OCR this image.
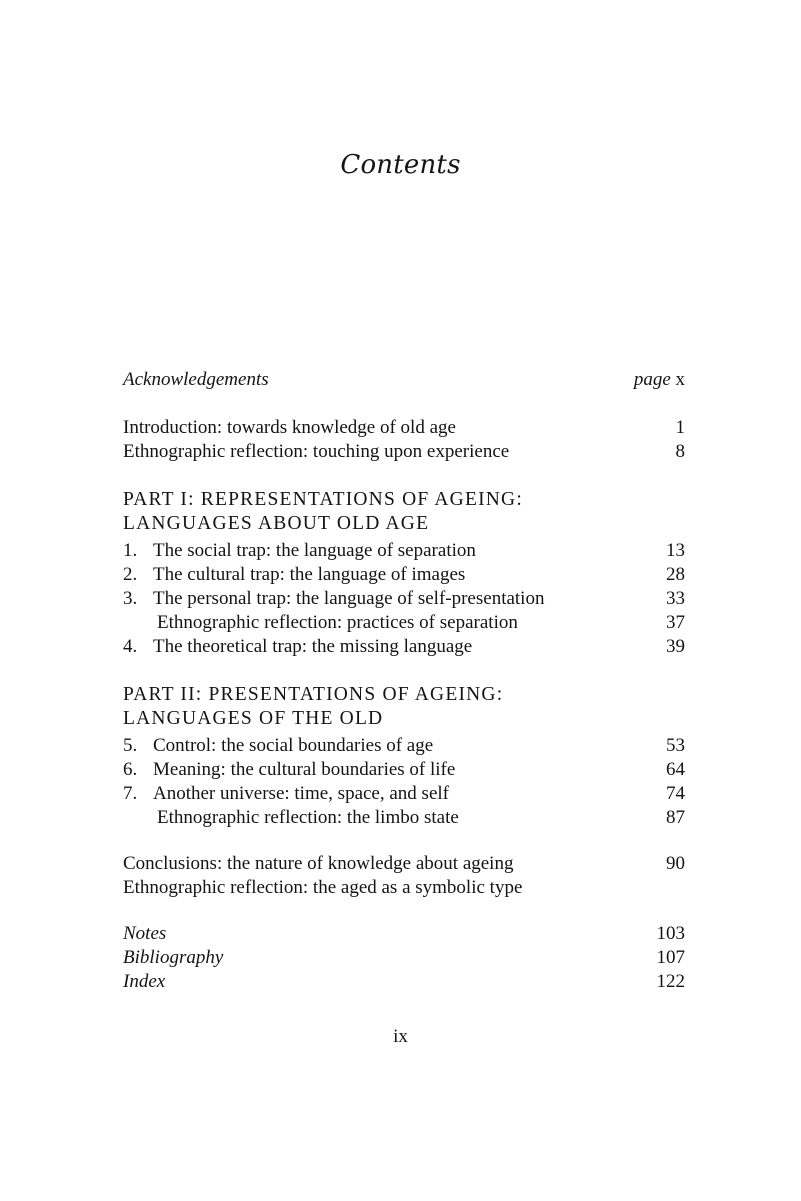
Contents
Acknowledgements	page x
Introduction: towards knowledge of old age	1
Ethnographic reflection: touching upon experience	8
PART I: REPRESENTATIONS OF AGEING:
LANGUAGES ABOUT OLD AGE
1. The social trap: the language of separation	13
2. The cultural trap: the language of images	28
3. The personal trap: the language of self-presentation	33
Ethnographic reflection: practices of separation	37
4. The theoretical trap: the missing language	39
PART II: PRESENTATIONS OF AGEING:
LANGUAGES OF THE OLD
5. Control: the social boundaries of age	53
6. Meaning: the cultural boundaries of life	64
7. Another universe: time, space, and self	74
Ethnographic reflection: the limbo state	87
Conclusions: the nature of knowledge about ageing	90
Ethnographic reflection: the aged as a symbolic type
Notes	103
Bibliography	107
Index	122
ix
